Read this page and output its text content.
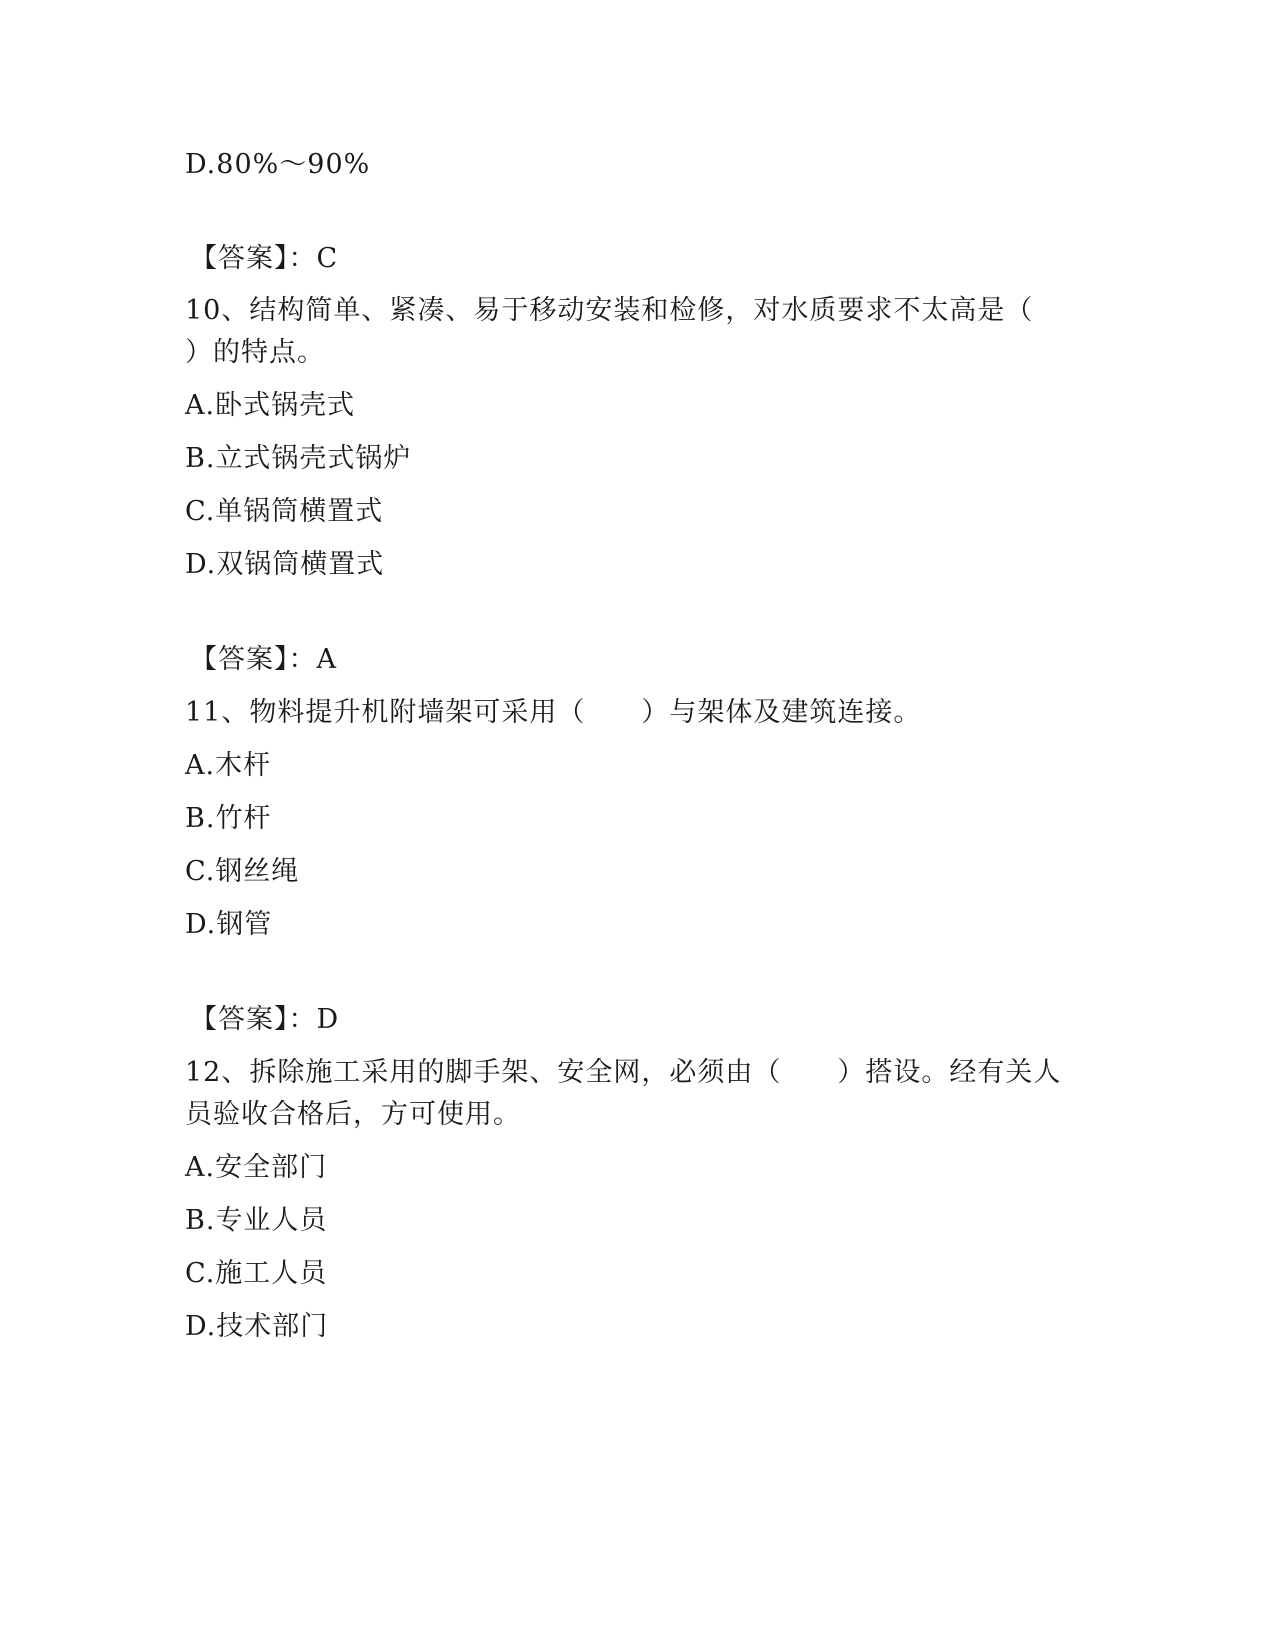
D.80%～90%
【答案】：C
10、结构简单、紧凑、易于移动安装和检修，对水质要求不太高是（
）的特点。
A.卧式锅壳式
B.立式锅壳式锅炉
C.单锅筒横置式
D.双锅筒横置式
【答案】：A
11、物料提升机附墙架可采用（　　）与架体及建筑连接。
A.木杆
B.竹杆
C.钢丝绳
D.钢管
【答案】：D
12、拆除施工采用的脚手架、安全网，必须由（　　）搭设。经有关人
员验收合格后，方可使用。
A.安全部门
B.专业人员
C.施工人员
D.技术部门
